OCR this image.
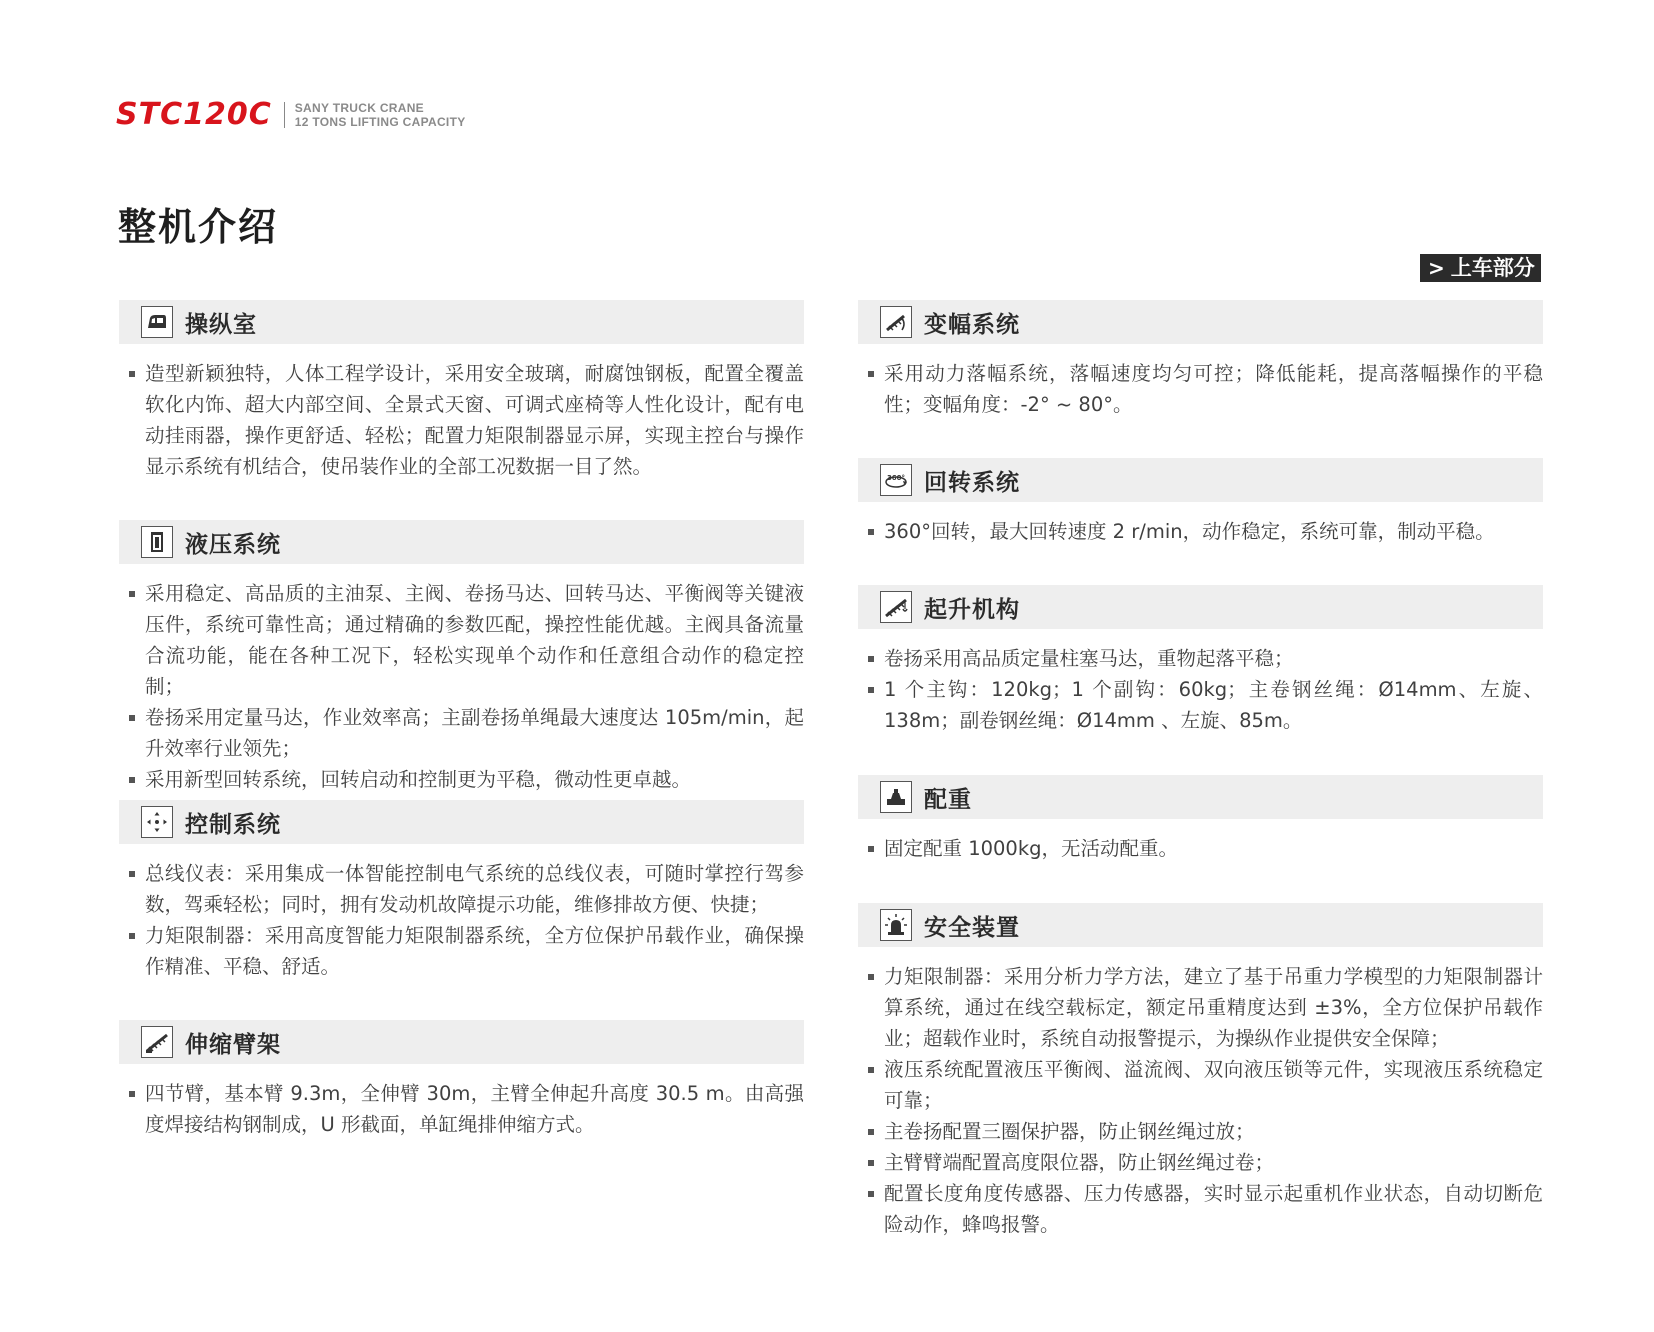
STC120C SANY TRUCK CRANE
12 TONS LIFTING CAPACITY
整机介绍
> 上车部分
操纵室

造型新颖独特，人体工程学设计，采用安全玻璃，耐腐蚀钢板，配置全覆盖软化内饰、超大内部空间、全景式天窗、可调式座椅等人性化设计，配有电动挂雨器，操作更舒适、轻松；配置力矩限制器显示屏，实现主控台与操作显示系统有机结合，使吊装作业的全部工况数据一目了然。

液压系统

采用稳定、高品质的主油泵、主阀、卷扬马达、回转马达、平衡阀等关键液压件，系统可靠性高；通过精确的参数匹配，操控性能优越。主阀具备流量合流功能，能在各种工况下，轻松实现单个动作和任意组合动作的稳定控制；

卷扬采用定量马达，作业效率高；主副卷扬单绳最大速度达 105m/min，起升效率行业领先；

采用新型回转系统，回转启动和控制更为平稳，微动性更卓越。

控制系统

总线仪表：采用集成一体智能控制电气系统的总线仪表，可随时掌控行驾参数，驾乘轻松；同时，拥有发动机故障提示功能，维修排故方便、快捷；

力矩限制器：采用高度智能力矩限制器系统，全方位保护吊载作业，确保操作精准、平稳、舒适。

伸缩臂架

四节臂，基本臂 9.3m，全伸臂 30m，主臂全伸起升高度 30.5 m。由高强度焊接结构钢制成，U 形截面，单缸绳排伸缩方式。

变幅系统

采用动力落幅系统，落幅速度均匀可控；降低能耗，提高落幅操作的平稳性；变幅角度：-2° ~ 80°。

360° 回转系统

360°回转，最大回转速度 2 r/min，动作稳定，系统可靠，制动平稳。

起升机构

卷扬采用高品质定量柱塞马达，重物起落平稳；

1 个主钩：120kg；1 个副钩：60kg；主卷钢丝绳：Ø14mm、左旋、138m；副卷钢丝绳：Ø14mm 、左旋、85m。

配重

固定配重 1000kg，无活动配重。

安全装置

力矩限制器：采用分析力学方法，建立了基于吊重力学模型的力矩限制器计算系统，通过在线空载标定，额定吊重精度达到 ±3%，全方位保护吊载作业；超载作业时，系统自动报警提示，为操纵作业提供安全保障；

液压系统配置液压平衡阀、溢流阀、双向液压锁等元件，实现液压系统稳定可靠；

主卷扬配置三圈保护器，防止钢丝绳过放；

主臂臂端配置高度限位器，防止钢丝绳过卷；

配置长度角度传感器、压力传感器，实时显示起重机作业状态，自动切断危险动作，蜂鸣报警。
